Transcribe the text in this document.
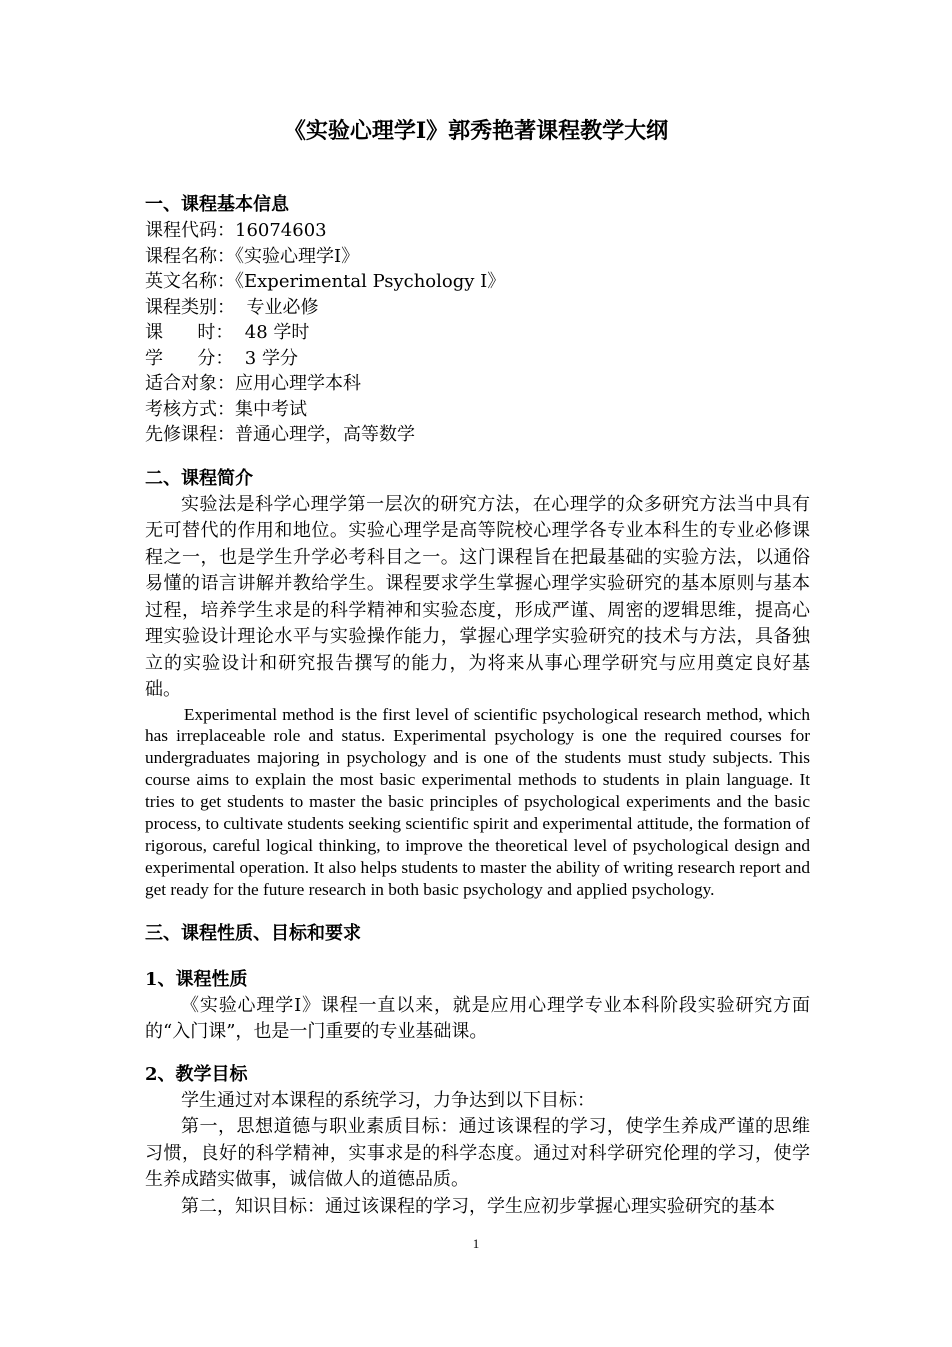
《实验心理学Ⅰ》郭秀艳著课程教学大纲
一、课程基本信息
课程代码：16074603
课程名称：《实验心理学Ⅰ》
英文名称：《Experimental Psychology Ⅰ》
课程类别：  专业必修
课      时：  48 学时
学      分：  3 学分
适合对象：应用心理学本科
考核方式：集中考试
先修课程：普通心理学，高等数学
二、课程简介

实验法是科学心理学第一层次的研究方法，在心理学的众多研究方法当中具有无可替代的作用和地位。实验心理学是高等院校心理学各专业本科生的专业必修课程之一，也是学生升学必考科目之一。这门课程旨在把最基础的实验方法，以通俗易懂的语言讲解并教给学生。课程要求学生掌握心理学实验研究的基本原则与基本过程，培养学生求是的科学精神和实验态度，形成严谨、周密的逻辑思维，提高心理实验设计理论水平与实验操作能力，掌握心理学实验研究的技术与方法，具备独立的实验设计和研究报告撰写的能力，为将来从事心理学研究与应用奠定良好基础。

Experimental method is the first level of scientific psychological research method, which has irreplaceable role and status. Experimental psychology is one the required courses for undergraduates majoring in psychology and is one of the students must study subjects. This course aims to explain the most basic experimental methods to students in plain language. It tries to get students to master the basic principles of psychological experiments and the basic process, to cultivate students seeking scientific spirit and experimental attitude, the formation of rigorous, careful logical thinking, to improve the theoretical level of psychological design and experimental operation. It also helps students to master the ability of writing research report and get ready for the future research in both basic psychology and applied psychology.

三、课程性质、目标和要求
1、课程性质

《实验心理学Ⅰ》课程一直以来，就是应用心理学专业本科阶段实验研究方面的“入门课”，也是一门重要的专业基础课。

2、教学目标

学生通过对本课程的系统学习，力争达到以下目标：

第一，思想道德与职业素质目标：通过该课程的学习，使学生养成严谨的思维习惯，良好的科学精神，实事求是的科学态度。通过对科学研究伦理的学习，使学生养成踏实做事，诚信做人的道德品质。

第二，知识目标：通过该课程的学习，学生应初步掌握心理实验研究的基本

1
